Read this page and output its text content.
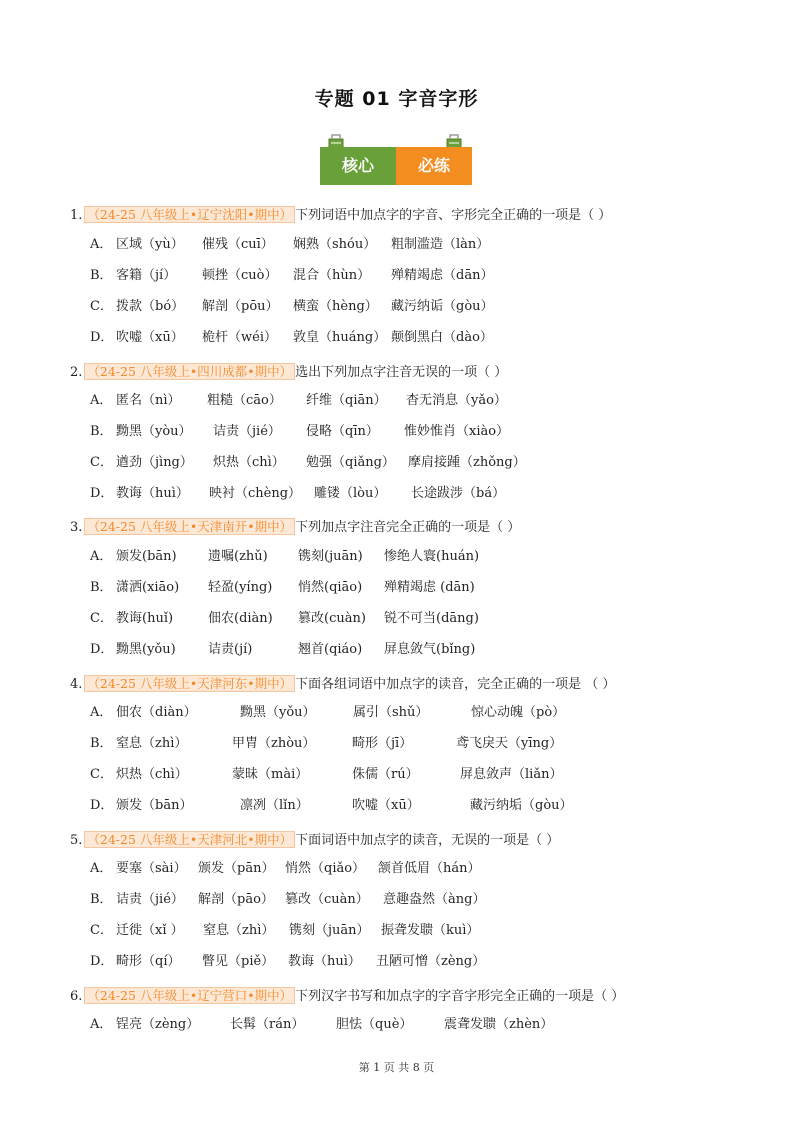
专题 01 字音字形
核心	必练
1. （24-25 八年级上•辽宁沈阳•期中） 下列词语中加点字的字音、字形完全正确的一项是（ ）
A． 区域（yù） 催残（cuī） 娴熟（shóu） 粗制滥造（làn）
B． 客籍（jí） 顿挫（cuò） 混合（hùn） 殚精竭虑（dān）
C． 拨款（bó） 解剖（pōu） 横蛮（hèng） 藏污纳诟（gòu）
D． 吹嘘（xū） 桅杆（wéi） 敦皇（huáng） 颠倒黑白（dào）
2. （24-25 八年级上•四川成都•期中） 选出下列加点字注音无误的一项（ ）
A． 匿名（nì） 粗糙（cāo） 纤维（qiān） 杳无消息（yǎo）
B． 黝黑（yòu） 诘责（jié） 侵略（qīn） 惟妙惟肖（xiào）
C． 遒劲（jìng） 炽热（chì） 勉强（qiǎng） 摩肩接踵（zhǒng）
D． 教诲（huì） 映衬（chèng） 雕镂（lòu） 长途跋涉（bá）
3. （24-25 八年级上•天津南开•期中） 下列加点字注音完全正确的一项是（ ）
A． 颁发(bān) 遗嘱(zhǔ) 镌刻(juān) 惨绝人寰(huán)
B． 潇洒(xiāo) 轻盈(yíng) 悄然(qiāo) 殚精竭虑 (dān)
C． 教诲(huǐ)	佃农(diàn) 篡改(cuàn) 锐不可当(dāng)
D． 黝黑(yǒu) 诘责(jí)	翘首(qiáo) 屏息敛气(bǐng)
4. （24-25 八年级上•天津河东•期中） 下面各组词语中加点字的读音，完全正确的一项是 （ ）
A． 佃农（diàn）	黝黑（yǒu）	属引（shǔ）	惊心动魄（pò）
B． 窒息（zhì）	甲胄（zhòu）	畸形（jī）	鸢飞戾天（yīng）
C． 炽热（chì）	蒙昧（mài）	侏儒（rú）	屏息敛声（liǎn）
D． 颁发（bān）	凛冽（lǐn）	吹嘘（xū）	藏污纳垢（gòu）
5. （24-25 八年级上•天津河北•期中） 下面词语中加点字的读音，无误的一项是（ ）
A． 要塞（sài） 颁发（pān） 悄然（qiǎo） 颔首低眉（hán）
B． 诘责（jié） 解剖（pāo） 篡改（cuàn） 意趣盎然（àng）
C． 迁徙（xǐ ） 窒息（zhì） 镌刻（juān） 振聋发聩（kuì）
D． 畸形（qí） 瞥见（piě） 教诲（huì） 丑陋可憎（zèng）
6. （24-25 八年级上•辽宁营口•期中） 下列汉字书写和加点字的字音字形完全正确的一项是（ ）
A． 锃亮（zèng） 长髯（rán） 胆怯（què） 震聋发聩（zhèn）
第 1 页 共 8 页
